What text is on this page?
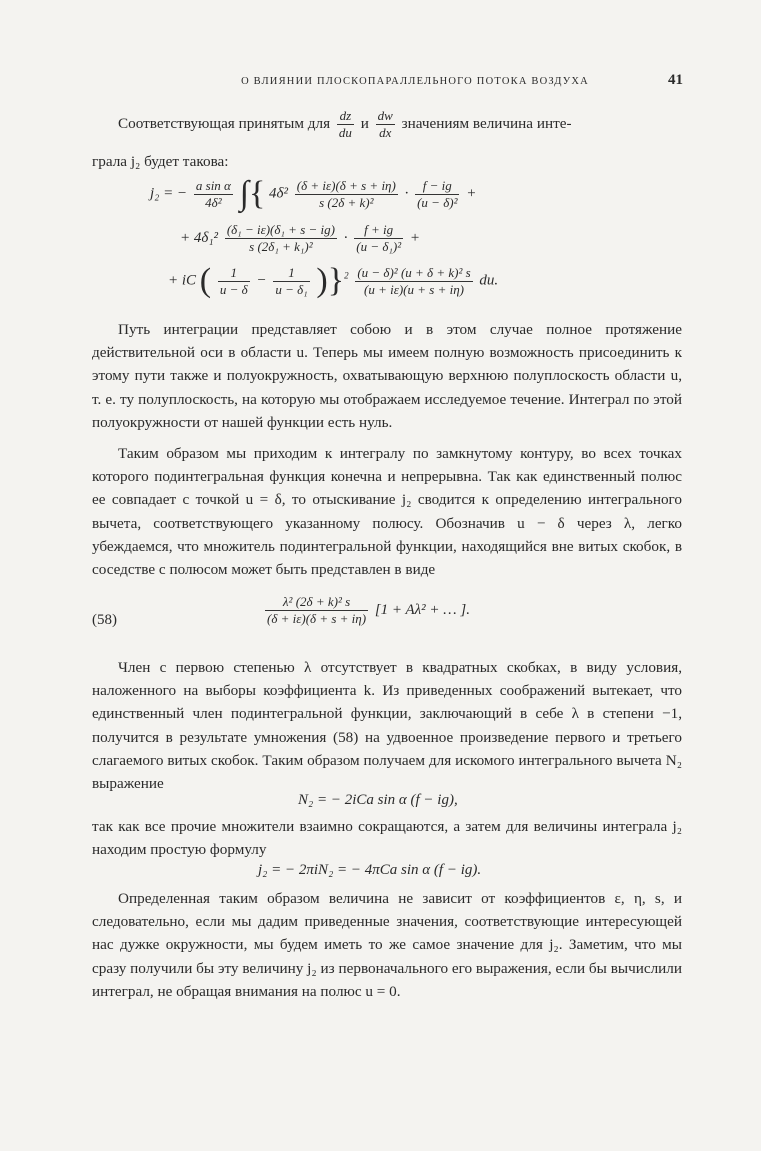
О ВЛИЯНИИ ПЛОСКОПАРАЛЛЕЛЬНОГО ПОТОКА ВОЗДУХА	41
Соответствующая принятым для $\frac{dz}{du}$ и $\frac{dw}{dx}$ значениям величина инте-
грала j₂ будет такова:
j₂ = − $\frac{\text{a sin α}}{\text{4δ²}}$ ∫{ $4\delta^2 \frac{(\delta + i\varepsilon)(\delta + s + i\eta)}{\text{s (2δ + k)²}} \cdot \frac{f - ig}{\text{(u − δ)²}}$ +
+ $4\delta_1^2 \frac{\text{(δ₁ − iε)(δ₁ + s − ig)}}{\text{s (2δ₁ + k₁)²}} \cdot \frac{f + ig}{\text{(u − δ₁)²}}$ +
+ iC ( $\frac{1}{u - \delta} - \frac{1}{\text{u − δ₁}} )\}^2 \frac{\text{(u − δ)² (u + δ + k)² s}}{(u + i\varepsilon)(u + s + i\eta)}$ du.
Путь интеграции представляет собою и в этом случае полное протяжение действительной оси в области u. Теперь мы имеем полную возможность присоединить к этому пути также и полуокружность, охватывающую верхнюю полуплоскость области u, т. е. ту полуплоскость, на которую мы отображаем исследуемое течение. Интеграл по этой полуокружности от нашей функции есть нуль.
Таким образом мы приходим к интегралу по замкнутому контуру, во всех точках которого подинтегральная функция конечна и непрерывна. Так как единственный полюс ее совпадает с точкой u = δ, то отыскивание j₂ сводится к определению интегрального вычета, соответствующего указанному полюсу. Обозначив u − δ через λ, легко убеждаемся, что множитель подинтегральной функции, находящийся вне витых скобок, в соседстве с полюсом может быть представлен в виде
(58)	$\frac{\text{λ² (2δ + k)² s}}{(\delta + i\varepsilon)(\delta + s + i\eta)} [1 + A\lambda^2$ + … ].
Член с первою степенью λ отсутствует в квадратных скобках, в виду условия, наложенного на выборы коэффициента k. Из приведенных соображений вытекает, что единственный член подинтегральной функции, заключающий в себе λ в степени −1, получится в результате умножения (58) на удвоенное произведение первого и третьего слагаемого витых скобок. Таким образом получаем для искомого интегрального вычета N₂ выражение
N₂ = − 2iCa sin α (f − ig),
так как все прочие множители взаимно сокращаются, а затем для величины интеграла j₂ находим простую формулу
j₂ = − 2πiN₂ = − 4πCa sin α (f − ig).
Определенная таким образом величина не зависит от коэффициентов ε, η, s, и следовательно, если мы дадим приведенные значения, соответствующие интересующей нас дужке окружности, мы будем иметь то же самое значение для j₂. Заметим, что мы сразу получили бы эту величину j₂ из первоначального его выражения, если бы вычислили интеграл, не обращая внимания на полюс u = 0.
